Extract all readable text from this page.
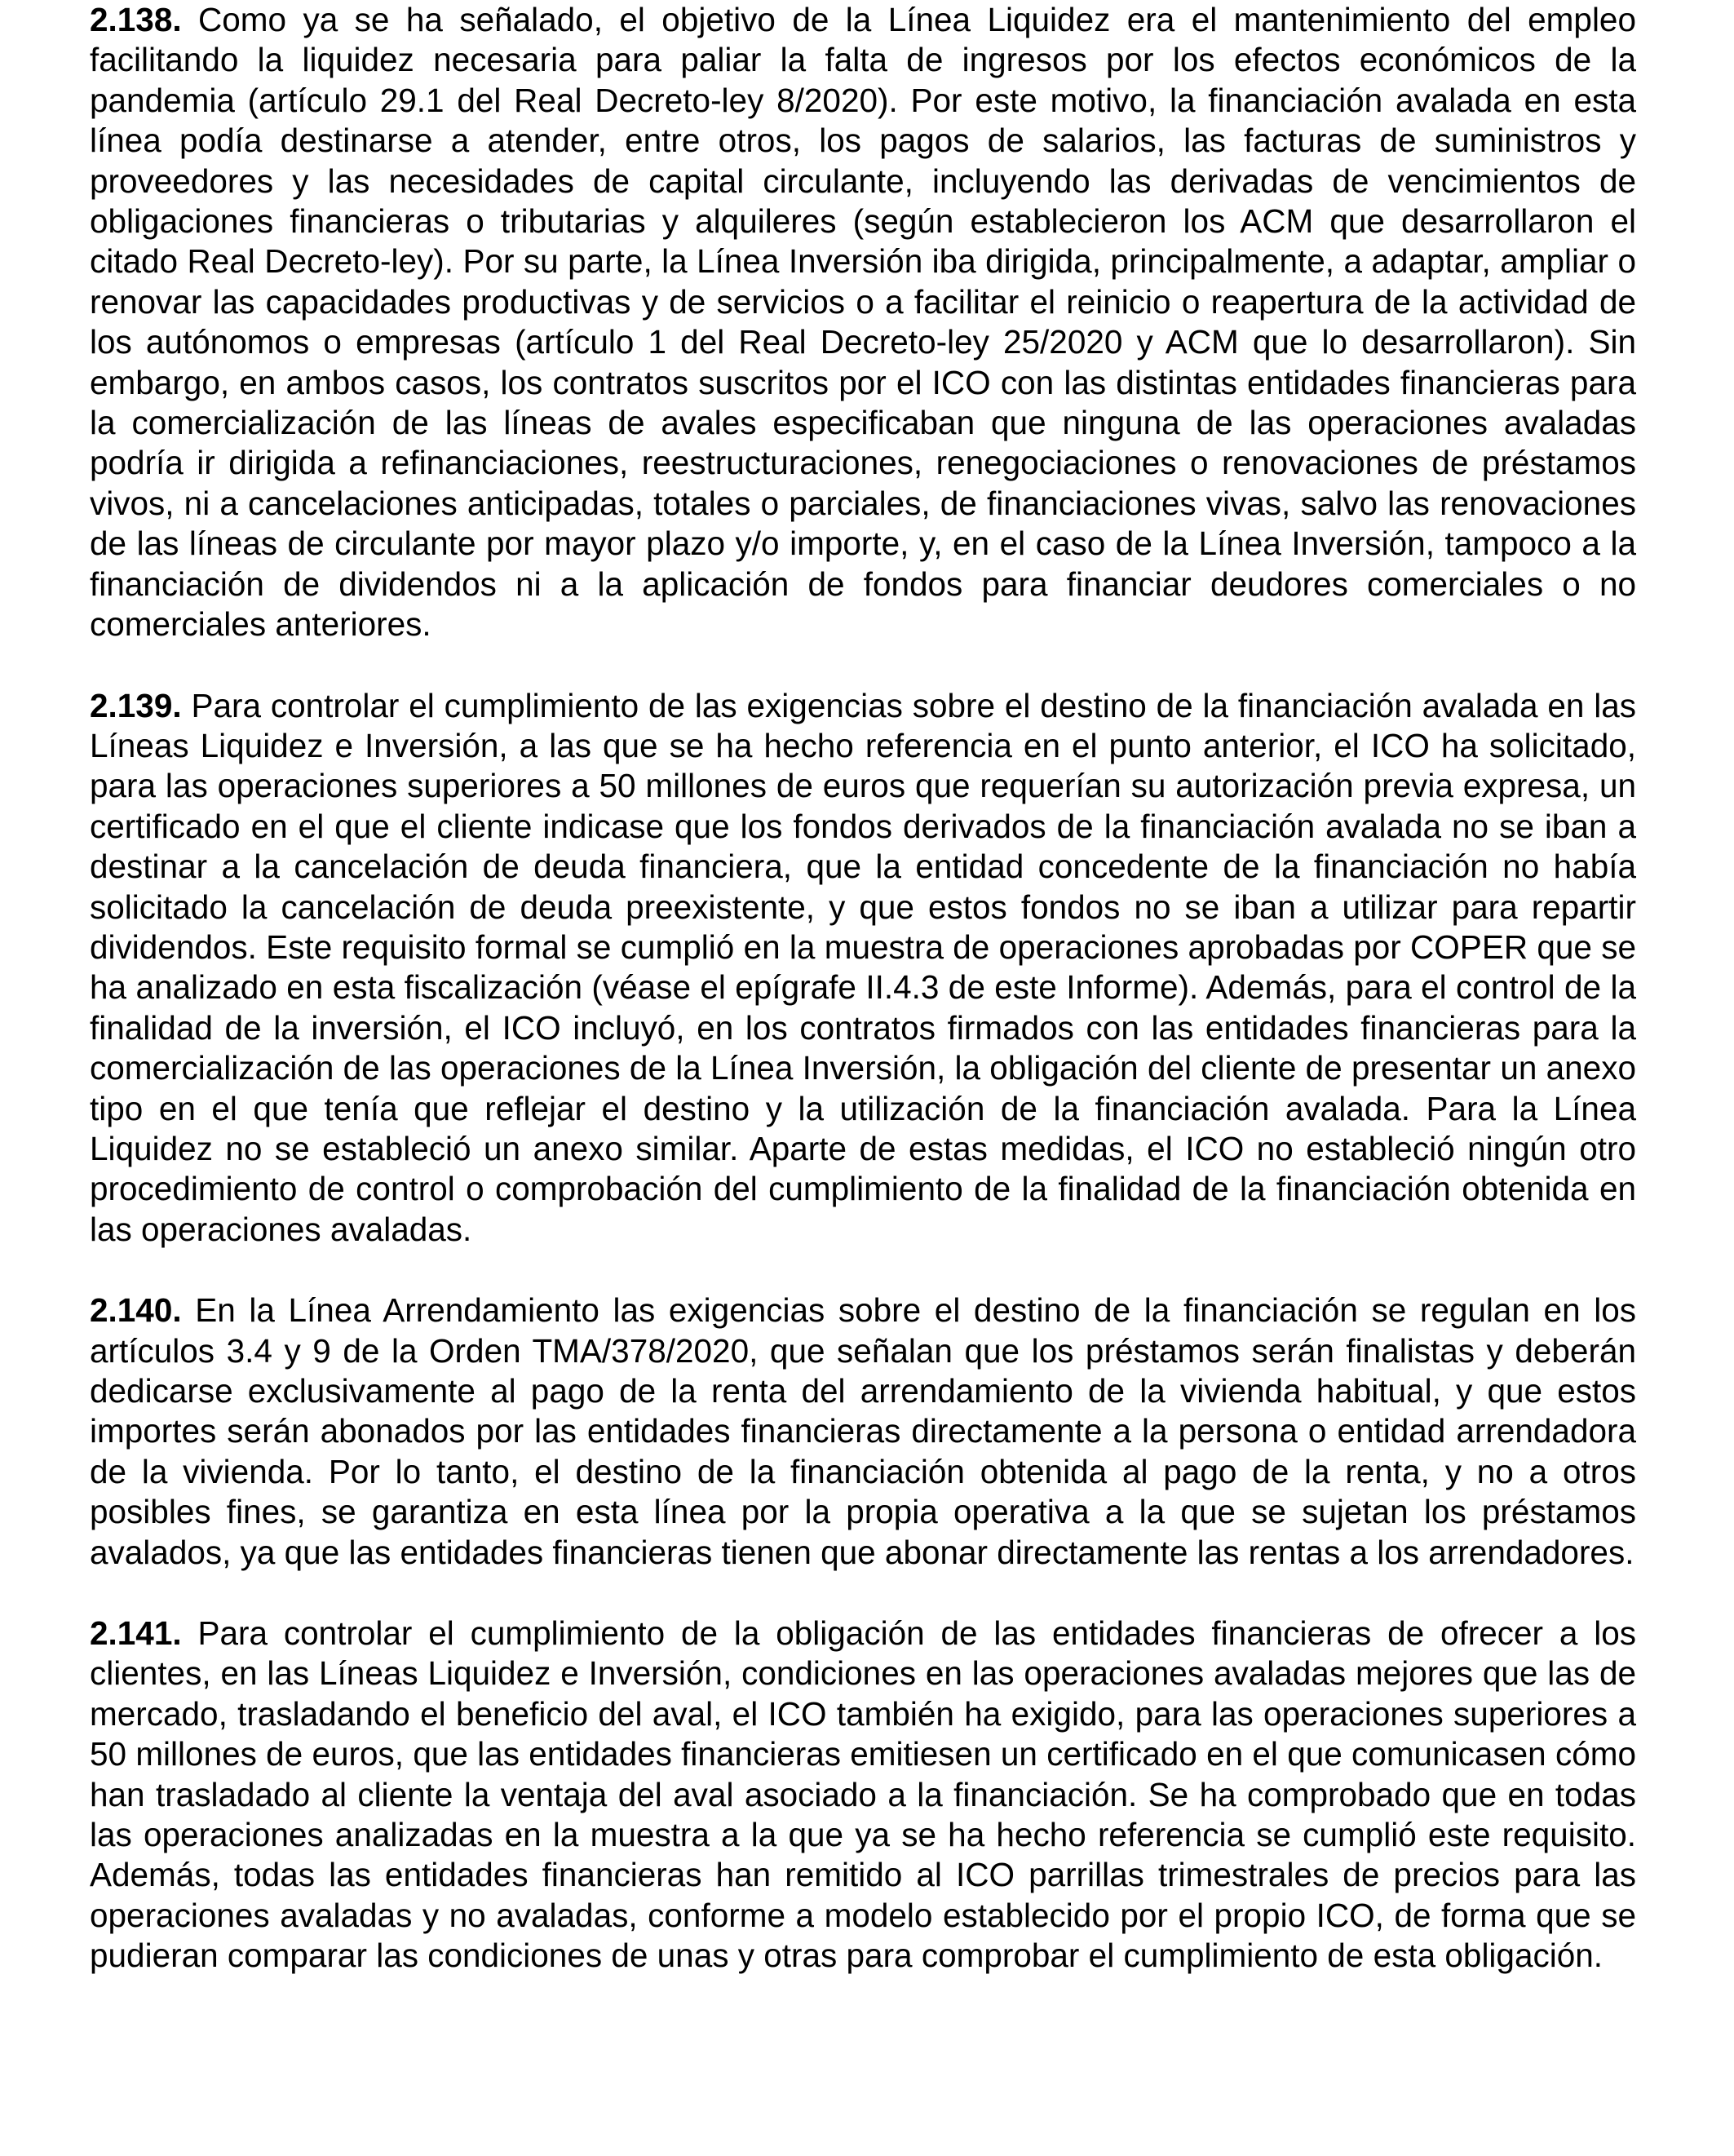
2.138. Como ya se ha señalado, el objetivo de la Línea Liquidez era el mantenimiento del empleo facilitando la liquidez necesaria para paliar la falta de ingresos por los efectos económicos de la pandemia (artículo 29.1 del Real Decreto-ley 8/2020). Por este motivo, la financiación avalada en esta línea podía destinarse a atender, entre otros, los pagos de salarios, las facturas de suministros y proveedores y las necesidades de capital circulante, incluyendo las derivadas de vencimientos de obligaciones financieras o tributarias y alquileres (según establecieron los ACM que desarrollaron el citado Real Decreto-ley). Por su parte, la Línea Inversión iba dirigida, principalmente, a adaptar, ampliar o renovar las capacidades productivas y de servicios o a facilitar el reinicio o reapertura de la actividad de los autónomos o empresas (artículo 1 del Real Decreto-ley 25/2020 y ACM que lo desarrollaron). Sin embargo, en ambos casos, los contratos suscritos por el ICO con las distintas entidades financieras para la comercialización de las líneas de avales especificaban que ninguna de las operaciones avaladas podría ir dirigida a refinanciaciones, reestructuraciones, renegociaciones o renovaciones de préstamos vivos, ni a cancelaciones anticipadas, totales o parciales, de financiaciones vivas, salvo las renovaciones de las líneas de circulante por mayor plazo y/o importe, y, en el caso de la Línea Inversión, tampoco a la financiación de dividendos ni a la aplicación de fondos para financiar deudores comerciales o no comerciales anteriores.

2.139. Para controlar el cumplimiento de las exigencias sobre el destino de la financiación avalada en las Líneas Liquidez e Inversión, a las que se ha hecho referencia en el punto anterior, el ICO ha solicitado, para las operaciones superiores a 50 millones de euros que requerían su autorización previa expresa, un certificado en el que el cliente indicase que los fondos derivados de la financiación avalada no se iban a destinar a la cancelación de deuda financiera, que la entidad concedente de la financiación no había solicitado la cancelación de deuda preexistente, y que estos fondos no se iban a utilizar para repartir dividendos. Este requisito formal se cumplió en la muestra de operaciones aprobadas por COPER que se ha analizado en esta fiscalización (véase el epígrafe II.4.3 de este Informe). Además, para el control de la finalidad de la inversión, el ICO incluyó, en los contratos firmados con las entidades financieras para la comercialización de las operaciones de la Línea Inversión, la obligación del cliente de presentar un anexo tipo en el que tenía que reflejar el destino y la utilización de la financiación avalada. Para la Línea Liquidez no se estableció un anexo similar. Aparte de estas medidas, el ICO no estableció ningún otro procedimiento de control o comprobación del cumplimiento de la finalidad de la financiación obtenida en las operaciones avaladas.

2.140. En la Línea Arrendamiento las exigencias sobre el destino de la financiación se regulan en los artículos 3.4 y 9 de la Orden TMA/378/2020, que señalan que los préstamos serán finalistas y deberán dedicarse exclusivamente al pago de la renta del arrendamiento de la vivienda habitual, y que estos importes serán abonados por las entidades financieras directamente a la persona o entidad arrendadora de la vivienda. Por lo tanto, el destino de la financiación obtenida al pago de la renta, y no a otros posibles fines, se garantiza en esta línea por la propia operativa a la que se sujetan los préstamos avalados, ya que las entidades financieras tienen que abonar directamente las rentas a los arrendadores.

2.141. Para controlar el cumplimiento de la obligación de las entidades financieras de ofrecer a los clientes, en las Líneas Liquidez e Inversión, condiciones en las operaciones avaladas mejores que las de mercado, trasladando el beneficio del aval, el ICO también ha exigido, para las operaciones superiores a 50 millones de euros, que las entidades financieras emitiesen un certificado en el que comunicasen cómo han trasladado al cliente la ventaja del aval asociado a la financiación. Se ha comprobado que en todas las operaciones analizadas en la muestra a la que ya se ha hecho referencia se cumplió este requisito. Además, todas las entidades financieras han remitido al ICO parrillas trimestrales de precios para las operaciones avaladas y no avaladas, conforme a modelo establecido por el propio ICO, de forma que se pudieran comparar las condiciones de unas y otras para comprobar el cumplimiento de esta obligación.
